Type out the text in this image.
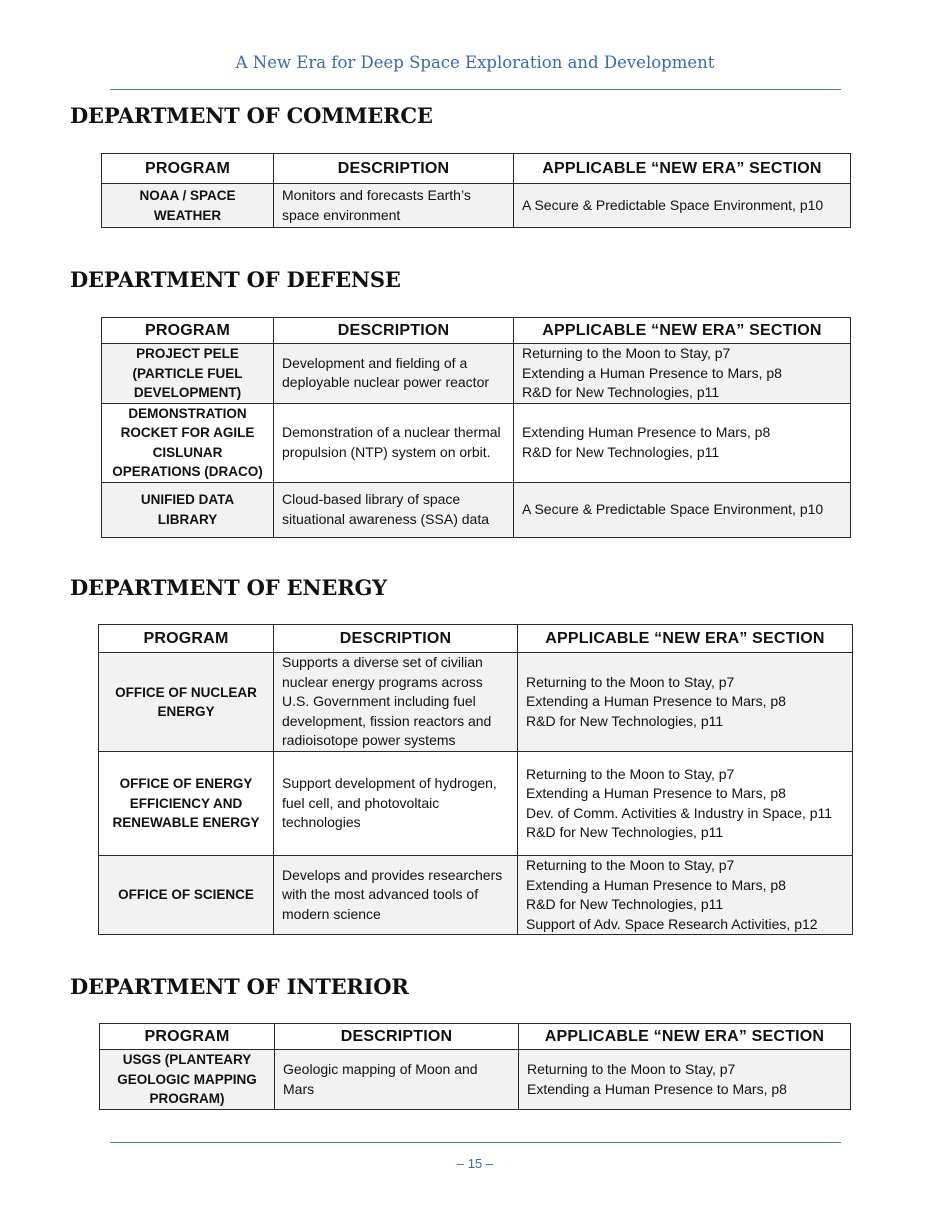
A New Era for Deep Space Exploration and Development
DEPARTMENT OF COMMERCE
PROGRAM	DESCRIPTION	APPLICABLE “NEW ERA” SECTION
NOAA / SPACE WEATHER	Monitors and forecasts Earth’s space environment	A Secure & Predictable Space Environment, p10
DEPARTMENT OF DEFENSE
PROGRAM	DESCRIPTION	APPLICABLE “NEW ERA” SECTION
PROJECT PELE (PARTICLE FUEL DEVELOPMENT)	Development and fielding of a deployable nuclear power reactor	Returning to the Moon to Stay, p7
Extending a Human Presence to Mars, p8
R&D for New Technologies, p11

DEMONSTRATION ROCKET FOR AGILE CISLUNAR OPERATIONS (DRACO)	Demonstration of a nuclear thermal propulsion (NTP) system on orbit.	Extending Human Presence to Mars, p8
R&D for New Technologies, p11

UNIFIED DATA LIBRARY	Cloud-based library of space situational awareness (SSA) data	A Secure & Predictable Space Environment, p10
DEPARTMENT OF ENERGY
PROGRAM	DESCRIPTION	APPLICABLE “NEW ERA” SECTION
OFFICE OF NUCLEAR ENERGY	Supports a diverse set of civilian nuclear energy programs across U.S. Government including fuel development, fission reactors and radioisotope power systems	Returning to the Moon to Stay, p7
Extending a Human Presence to Mars, p8
R&D for New Technologies, p11

OFFICE OF ENERGY EFFICIENCY AND RENEWABLE ENERGY	Support development of hydrogen, fuel cell, and photovoltaic technologies	Returning to the Moon to Stay, p7
Extending a Human Presence to Mars, p8
Dev. of Comm. Activities & Industry in Space, p11
R&D for New Technologies, p11

OFFICE OF SCIENCE	Develops and provides researchers with the most advanced tools of modern science	Returning to the Moon to Stay, p7
Extending a Human Presence to Mars, p8
R&D for New Technologies, p11
Support of Adv. Space Research Activities, p12
DEPARTMENT OF INTERIOR
PROGRAM	DESCRIPTION	APPLICABLE “NEW ERA” SECTION
USGS (PLANTEARY GEOLOGIC MAPPING PROGRAM)	Geologic mapping of Moon and Mars	Returning to the Moon to Stay, p7
Extending a Human Presence to Mars, p8
– 15 –
